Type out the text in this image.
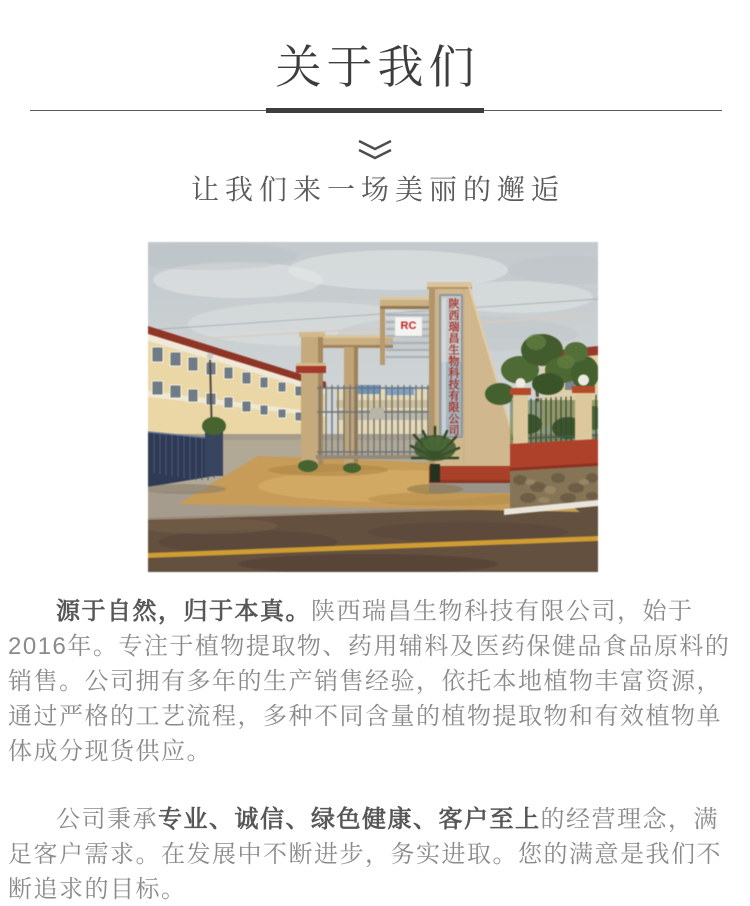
关于我们

让我们来一场美丽的邂逅

陕西瑞昌生物科技有限公司
RC

源于自然，归于本真。陕西瑞昌生物科技有限公司，始于2016年。专注于植物提取物、药用辅料及医药保健品食品原料的销售。公司拥有多年的生产销售经验，依托本地植物丰富资源，通过严格的工艺流程，多种不同含量的植物提取物和有效植物单体成分现货供应。

公司秉承专业、诚信、绿色健康、客户至上的经营理念，满足客户需求。在发展中不断进步，务实进取。您的满意是我们不断追求的目标。
